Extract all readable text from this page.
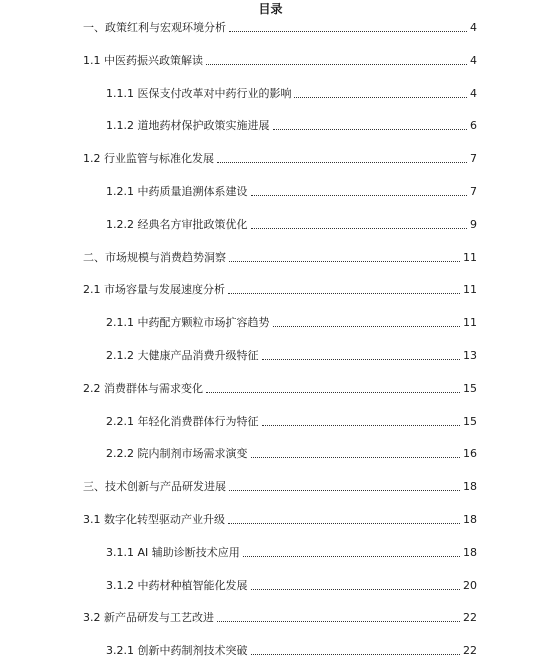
目录
一、政策红利与宏观环境分析	4
1.1 中医药振兴政策解读	4
1.1.1 医保支付改革对中药行业的影响	4
1.1.2 道地药材保护政策实施进展	6
1.2 行业监管与标准化发展	7
1.2.1 中药质量追溯体系建设	7
1.2.2 经典名方审批政策优化	9
二、市场规模与消费趋势洞察	11
2.1 市场容量与发展速度分析	11
2.1.1 中药配方颗粒市场扩容趋势	11
2.1.2 大健康产品消费升级特征	13
2.2 消费群体与需求变化	15
2.2.1 年轻化消费群体行为特征	15
2.2.2 院内制剂市场需求演变	16
三、技术创新与产品研发进展	18
3.1 数字化转型驱动产业升级	18
3.1.1 AI 辅助诊断技术应用	18
3.1.2 中药材种植智能化发展	20
3.2 新产品研发与工艺改进	22
3.2.1 创新中药制剂技术突破	22
